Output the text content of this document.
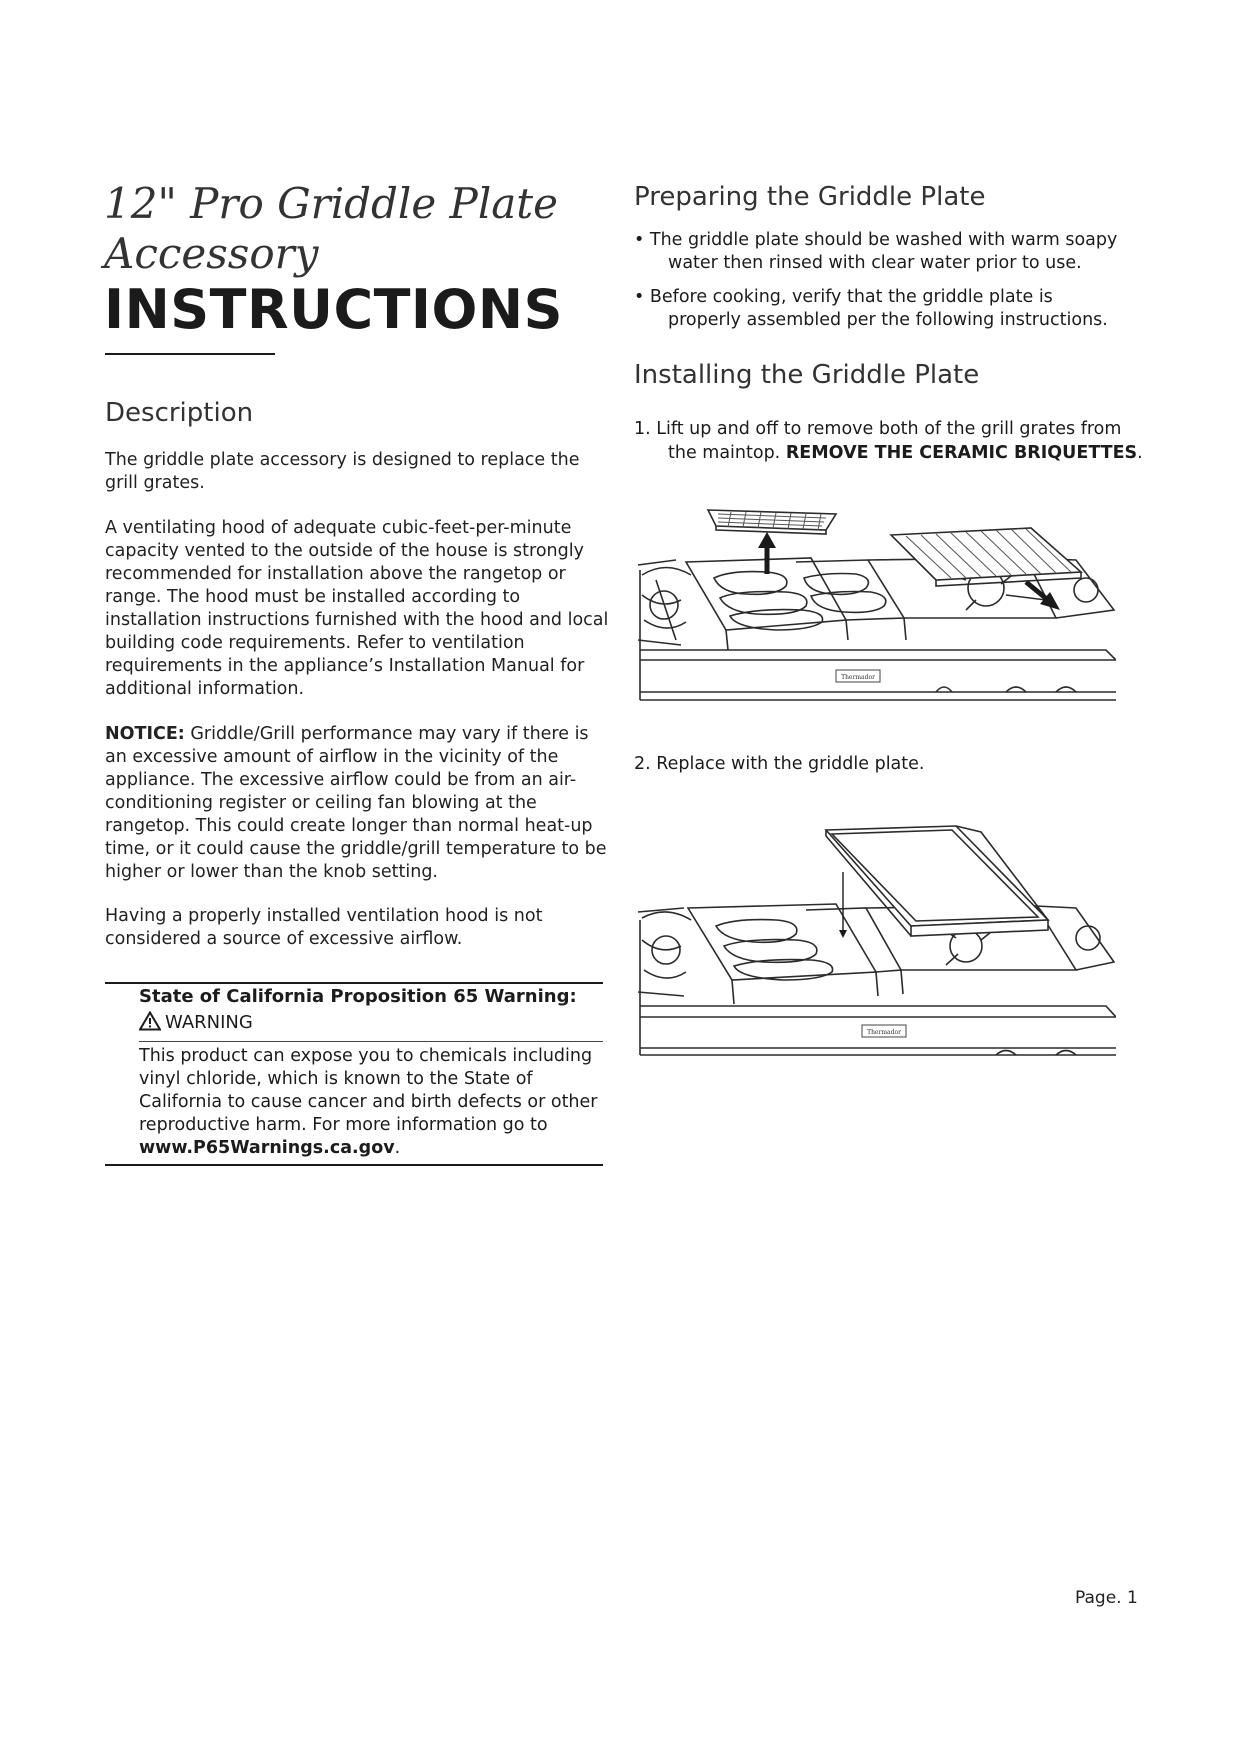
12" Pro Griddle Plate
Accessory
INSTRUCTIONS
Description
The griddle plate accessory is designed to replace the grill grates.
A ventilating hood of adequate cubic-feet-per-minute capacity vented to the outside of the house is strongly recommended for installation above the rangetop or range. The hood must be installed according to installation instructions furnished with the hood and local building code requirements. Refer to ventilation requirements in the appliance’s Installation Manual for additional information.
NOTICE: Griddle/Grill performance may vary if there is an excessive amount of airflow in the vicinity of the appliance. The excessive airflow could be from an air-conditioning register or ceiling fan blowing at the rangetop. This could create longer than normal heat-up time, or it could cause the griddle/grill temperature to be higher or lower than the knob setting.
Having a properly installed ventilation hood is not considered a source of excessive airflow.
State of California Proposition 65 Warning:
WARNING
This product can expose you to chemicals including vinyl chloride, which is known to the State of California to cause cancer and birth defects or other reproductive harm. For more information go to www.P65Warnings.ca.gov.
Preparing the Griddle Plate
• The griddle plate should be washed with warm soapy
water then rinsed with clear water prior to use.
• Before cooking, verify that the griddle plate is
properly assembled per the following instructions.
Installing the Griddle Plate
1. Lift up and off to remove both of the grill grates from
the maintop. REMOVE THE CERAMIC BRIQUETTES.
Thermador
2. Replace with the griddle plate.
Thermador
Page. 1
